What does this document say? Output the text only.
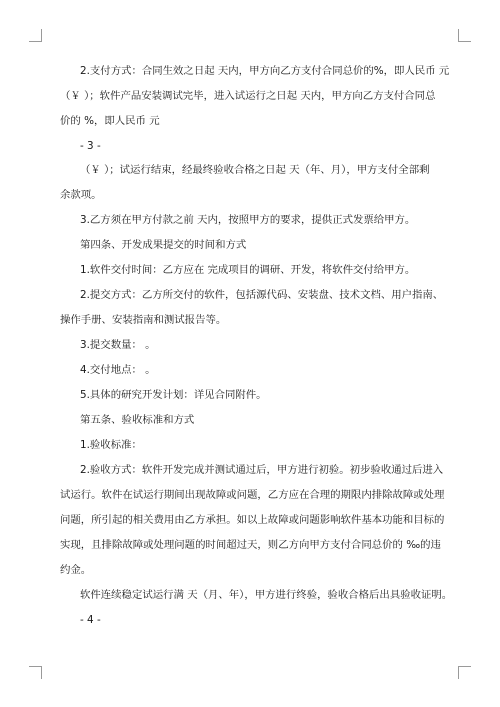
2.支付方式：合同生效之日起 天内，甲方向乙方支付合同总价的%，即人民币 元
（￥ ）；软件产品安装调试完毕，进入试运行之日起 天内，甲方向乙方支付合同总
价的 %，即人民币 元
- 3 -
（￥ ）；试运行结束，经最终验收合格之日起 天（年、月），甲方支付全部剩
余款项。
3.乙方须在甲方付款之前 天内，按照甲方的要求，提供正式发票给甲方。
第四条、开发成果提交的时间和方式
1.软件交付时间：乙方应在 完成项目的调研、开发，将软件交付给甲方。
2.提交方式：乙方所交付的软件，包括源代码、安装盘、技术文档、用户指南、
操作手册、安装指南和测试报告等。
3.提交数量： 。
4.交付地点： 。
5.具体的研究开发计划：详见合同附件。
第五条、验收标准和方式
1.验收标准：
2.验收方式：软件开发完成并测试通过后，甲方进行初验。初步验收通过后进入
试运行。软件在试运行期间出现故障或问题，乙方应在合理的期限内排除故障或处理
问题，所引起的相关费用由乙方承担。如以上故障或问题影响软件基本功能和目标的
实现，且排除故障或处理问题的时间超过天，则乙方向甲方支付合同总价的 ‰的违
约金。
软件连续稳定试运行满 天（月、年），甲方进行终验，验收合格后出具验收证明。
- 4 -
